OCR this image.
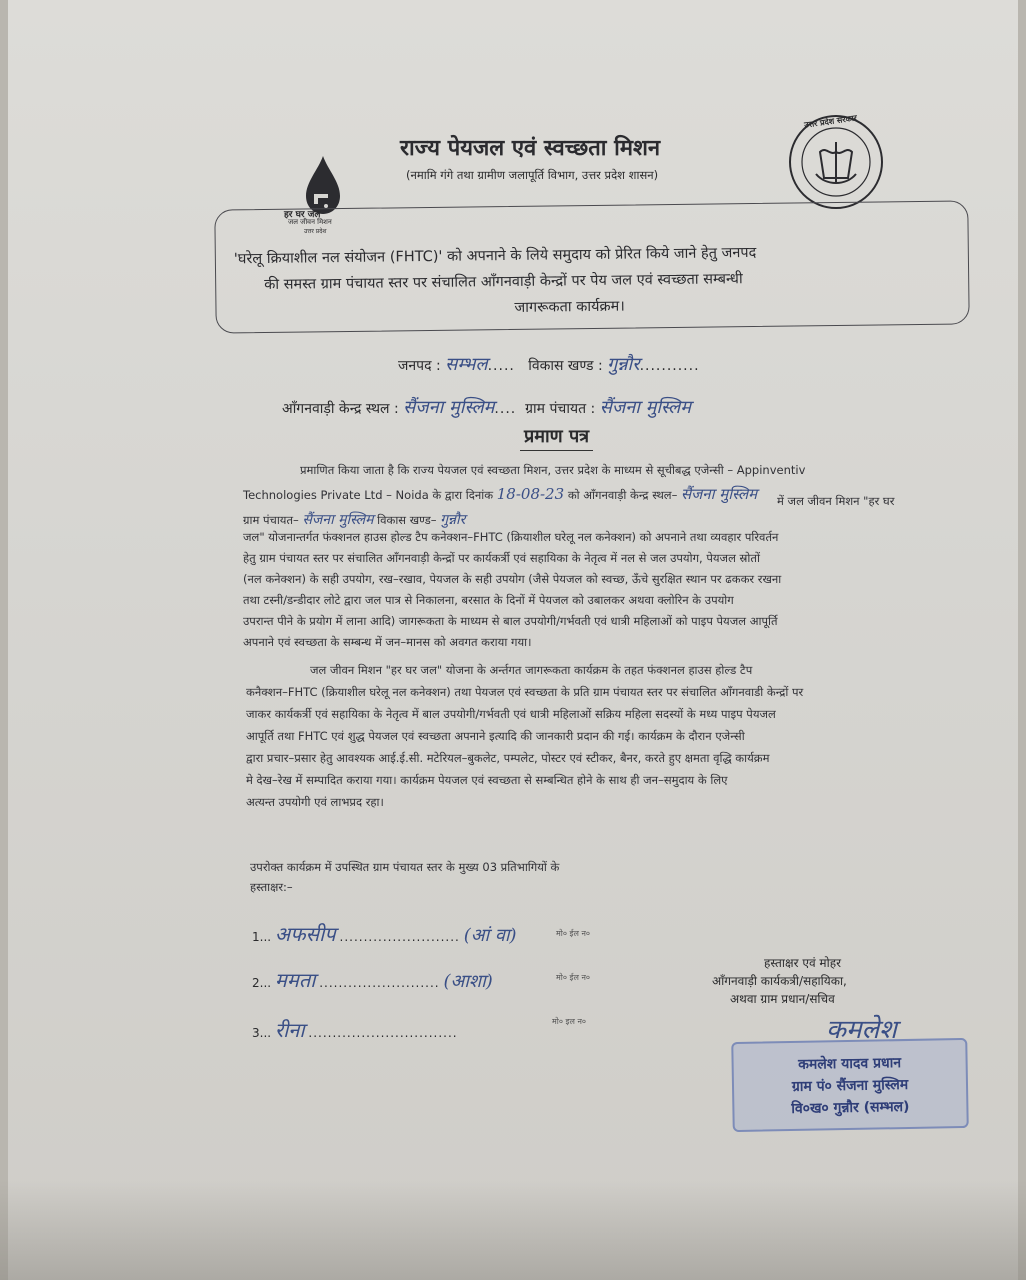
हर घर जल
जल जीवन मिशन
उत्तर प्रदेश
उत्तर प्रदेश सरकार
राज्य पेयजल एवं स्वच्छता मिशन
(नमामि गंगे तथा ग्रामीण जलापूर्ति विभाग, उत्तर प्रदेश शासन)
'घरेलू क्रियाशील नल संयोजन (FHTC)' को अपनाने के लिये समुदाय को प्रेरित किये जाने हेतु जनपद
की समस्त ग्राम पंचायत स्तर पर संचालित आँगनवाड़ी केन्द्रों पर पेय जल एवं स्वच्छता सम्बन्धी
जागरूकता कार्यक्रम।
जनपद : सम्भल..... विकास खण्ड : गुन्नौर...........
आँगनवाड़ी केन्द्र स्थल : सैंजना मुस्लिम.... ग्राम पंचायत : सैंजना मुस्लिम
प्रमाण पत्र
प्रमाणित किया जाता है कि राज्य पेयजल एवं स्वच्छता मिशन, उत्तर प्रदेश के माध्यम से सूचीबद्ध एजेन्सी – Appinventiv
Technologies Private Ltd – Noida के द्वारा दिनांक 18-08-23 को आँगनवाड़ी केन्द्र स्थल– सैंजना मुस्लिम में जल जीवन मिशन "हर घर
ग्राम पंचायत– सैंजना मुस्लिम विकास खण्ड– गुन्नौर
जल" योजनान्तर्गत फंक्शनल हाउस होल्ड टैप कनेक्शन–FHTC (क्रियाशील घरेलू नल कनेक्शन) को अपनाने तथा व्यवहार परिवर्तन
हेतु ग्राम पंचायत स्तर पर संचालित आँगनवाड़ी केन्द्रों पर कार्यकर्त्री एवं सहायिका के नेतृत्व में नल से जल उपयोग, पेयजल स्रोतों
(नल कनेक्शन) के सही उपयोग, रख–रखाव, पेयजल के सही उपयोग (जैसे पेयजल को स्वच्छ, ऊँचे सुरक्षित स्थान पर ढककर रखना
तथा टस्नी/डन्डीदार लोटे द्वारा जल पात्र से निकालना, बरसात के दिनों में पेयजल को उबालकर अथवा क्लोरिन के उपयोग
उपरान्त पीने के प्रयोग में लाना आदि) जागरूकता के माध्यम से बाल उपयोगी/गर्भवती एवं धात्री महिलाओं को पाइप पेयजल आपूर्ति
अपनाने एवं स्वच्छता के सम्बन्ध में जन–मानस को अवगत कराया गया।
जल जीवन मिशन "हर घर जल" योजना के अर्न्तगत जागरूकता कार्यक्रम के तहत फंक्शनल हाउस होल्ड टैप
कनैक्शन–FHTC (क्रियाशील घरेलू नल कनेक्शन) तथा पेयजल एवं स्वच्छता के प्रति ग्राम पंचायत स्तर पर संचालित आँगनवाडी केन्द्रों पर
जाकर कार्यकर्त्री एवं सहायिका के नेतृत्व में बाल उपयोगी/गर्भवती एवं धात्री महिलाओं सक्रिय महिला सदस्यों के मध्य पाइप पेयजल
आपूर्ति तथा FHTC एवं शुद्ध पेयजल एवं स्वच्छता अपनाने इत्यादि की जानकारी प्रदान की गई। कार्यक्रम के दौरान एजेन्सी
द्वारा प्रचार–प्रसार हेतु आवश्यक आई.ई.सी. मटेरियल–बुकलेट, पम्पलेट, पोस्टर एवं स्टीकर, बैनर, करते हुए क्षमता वृद्धि कार्यक्रम
मे देख–रेख में सम्पादित कराया गया। कार्यक्रम पेयजल एवं स्वच्छता से सम्बन्धित होने के साथ ही जन–समुदाय के लिए
अत्यन्त उपयोगी एवं लाभप्रद रहा।
उपरोक्त कार्यक्रम में उपस्थित ग्राम पंचायत स्तर के मुख्य 03 प्रतिभागियों के
हस्ताक्षर:–
1... अफसीप ......................... (आं वा)	मो० ईल न०
2... ममता ......................... (आशा)	मो० ईल न०
3... रीना ...............................
मो० इल न०
हस्ताक्षर एवं मोहर
आँगनवाड़ी कार्यकत्री/सहायिका,
अथवा ग्राम प्रधान/सचिव
कमलेश
कमलेश यादव प्रधान
ग्राम पं० सैंजना मुस्लिम
वि०ख० गुन्नौर (सम्भल)
